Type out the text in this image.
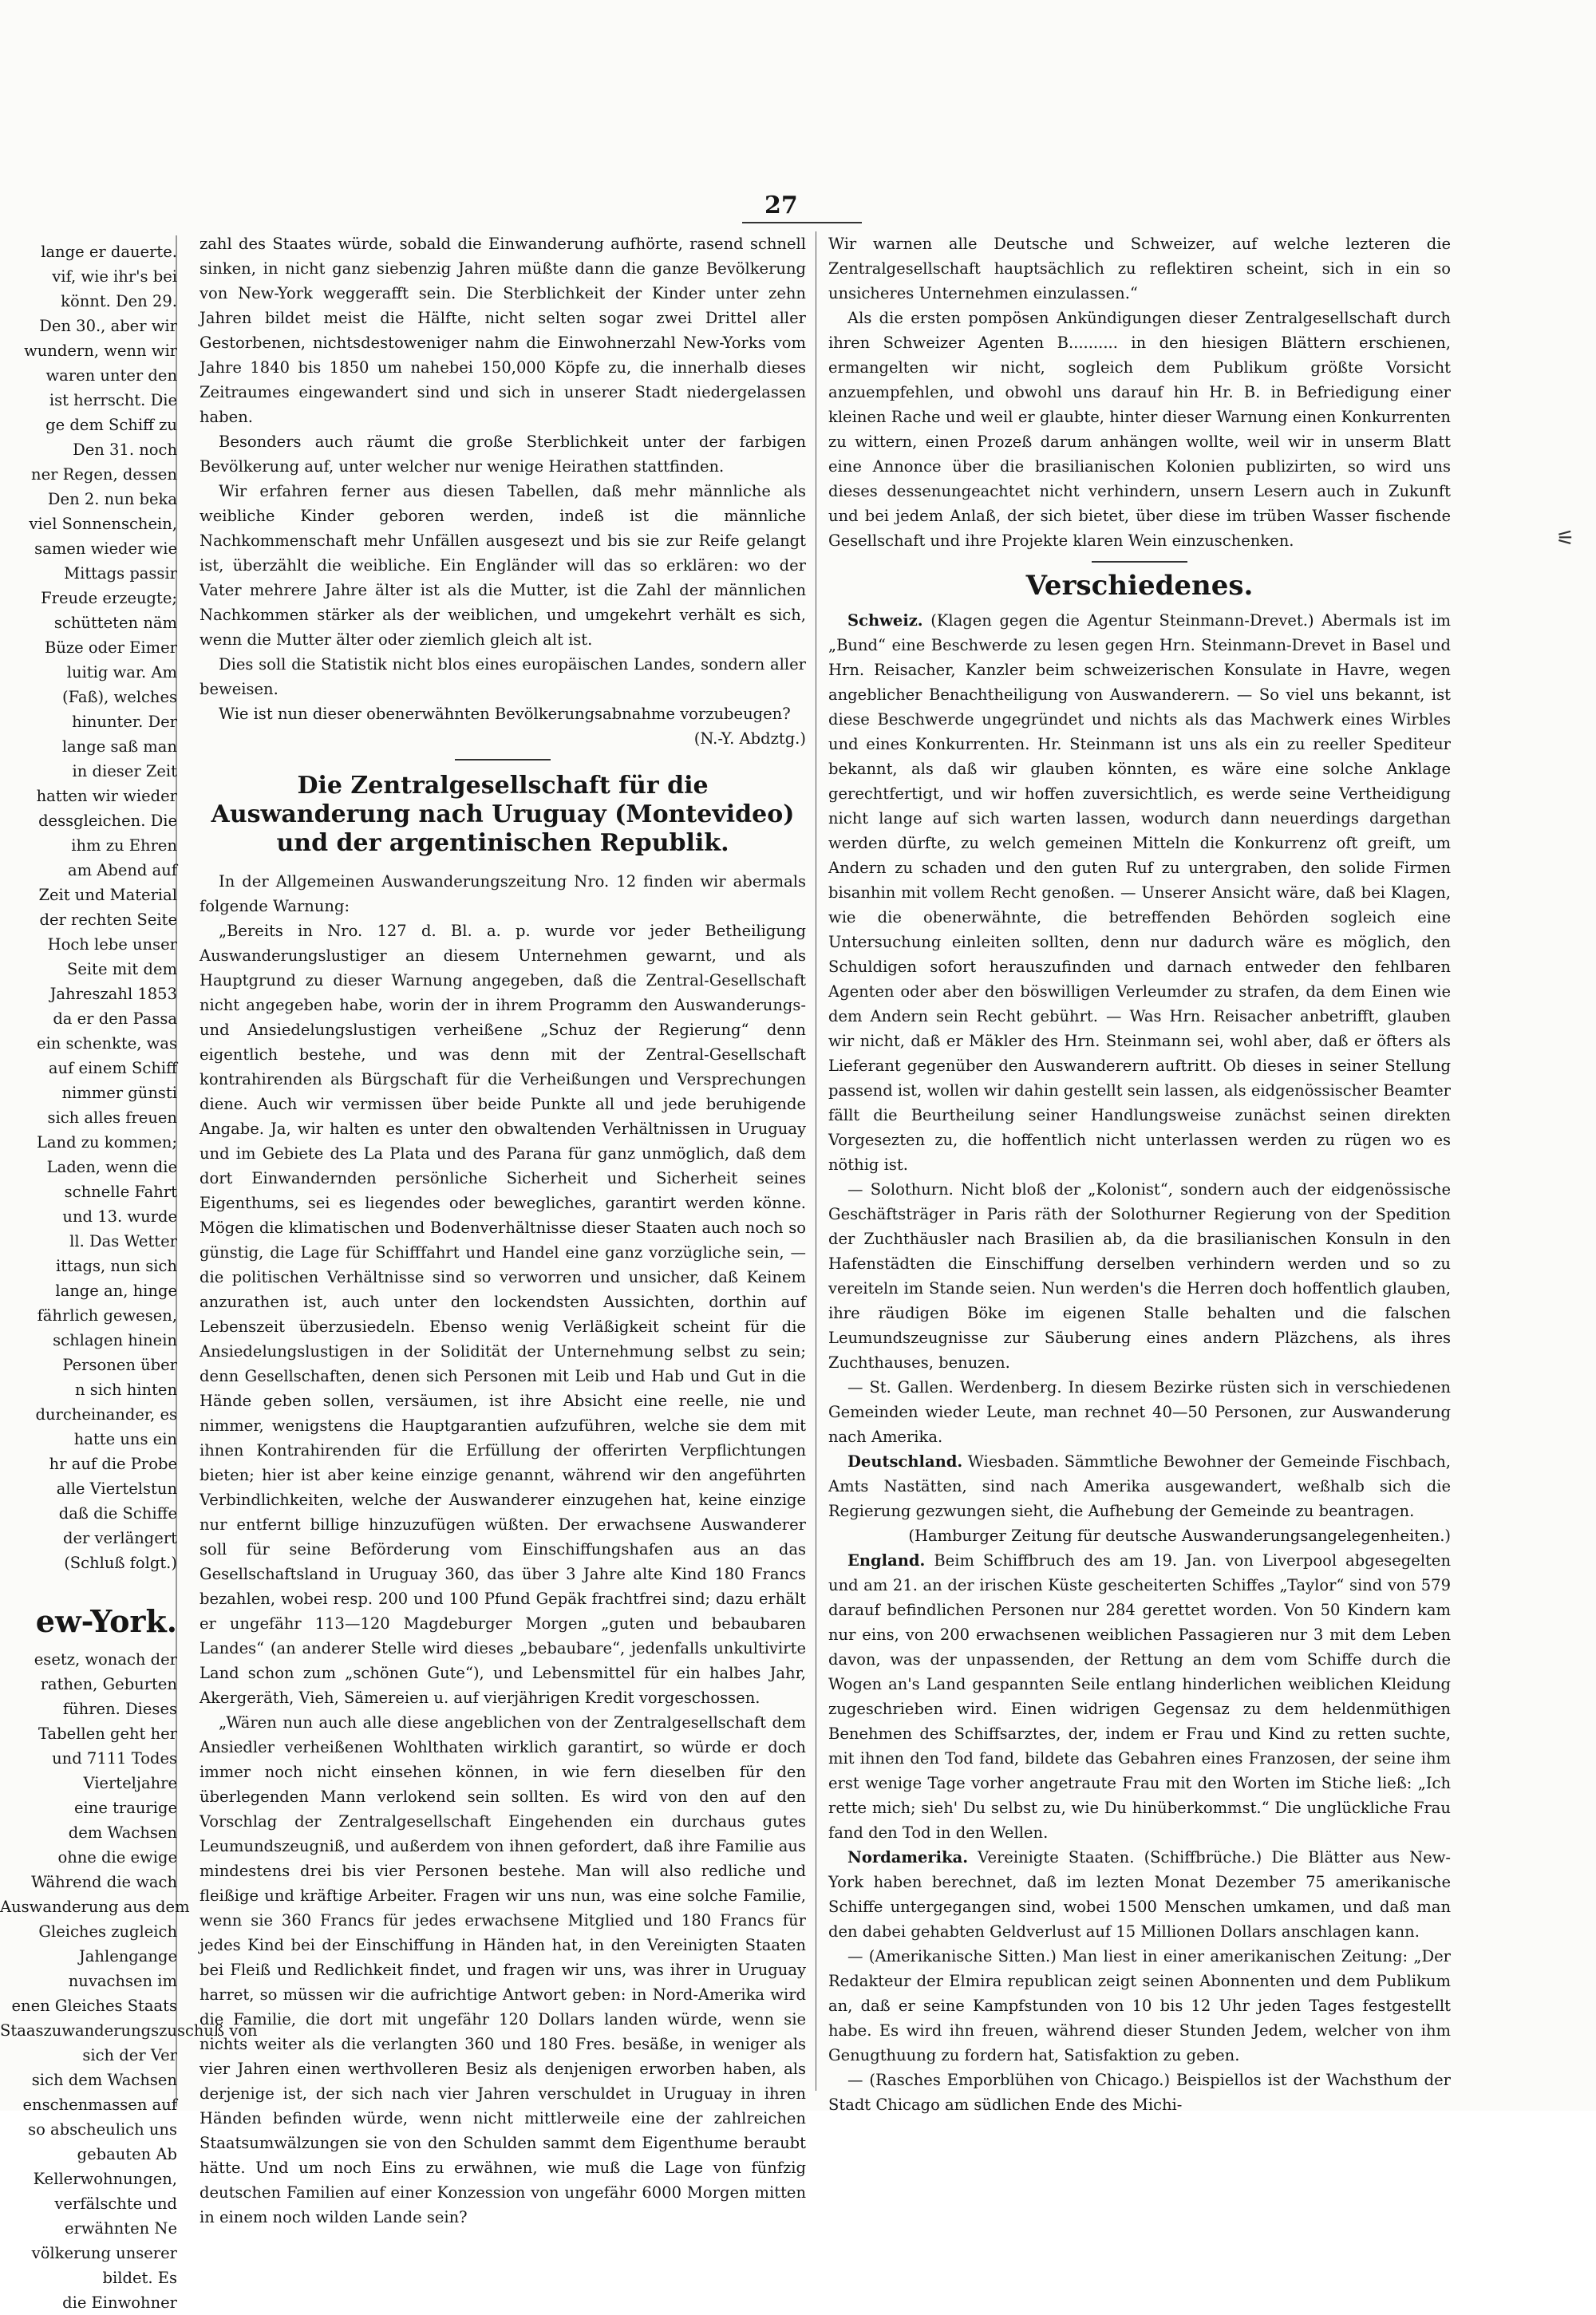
27
⚟
lange er dauerte.
vif, wie ihr's bei
könnt. Den 29.
Den 30., aber wir
wundern, wenn wir
waren unter den
ist herrscht. Die
ge dem Schiff zu
Den 31. noch
ner Regen, dessen
Den 2. nun beka
viel Sonnenschein,
samen wieder wie
Mittags passir
Freude erzeugte;
schütteten näm
Büze oder Eimer
luitig war. Am
(Faß), welches
hinunter. Der
lange saß man
in dieser Zeit
hatten wir wieder
dessgleichen. Die
ihm zu Ehren
am Abend auf
Zeit und Material
der rechten Seite
Hoch lebe unser
Seite mit dem
Jahreszahl 1853
da er den Passa
ein schenkte, was
auf einem Schiff
nimmer günsti
sich alles freuen
Land zu kommen;
Laden, wenn die
schnelle Fahrt
und 13. wurde
ll. Das Wetter
ittags, nun sich
lange an, hinge
fährlich gewesen,
schlagen hinein
Personen über
n sich hinten
durcheinander, es
hatte uns ein
hr auf die Probe
alle Viertelstun
daß die Schiffe
der verlängert
(Schluß folgt.)
ew-York.
esetz, wonach der
rathen, Geburten
führen. Dieses
Tabellen geht her
und 7111 Todes
Vierteljahre
eine traurige
dem Wachsen
ohne die ewige
Während die wach
Auswanderung aus dem
Gleiches zugleich
Jahlengange
nuvachsen im
enen Gleiches Staats
Staaszuwanderungszuschuß von
sich der Ver
sich dem Wachsen
enschenmassen auf
so abscheulich uns
gebauten Ab
Kellerwohnungen,
verfälschte und
erwähnten Ne
völkerung unserer
bildet. Es
die Einwohner

zahl des Staates würde, sobald die Einwanderung aufhörte, rasend schnell sinken, in nicht ganz siebenzig Jahren müßte dann die ganze Bevölkerung von New-York weggerafft sein. Die Sterblichkeit der Kinder unter zehn Jahren bildet meist die Hälfte, nicht selten sogar zwei Drittel aller Gestorbenen, nichtsdestoweniger nahm die Einwohnerzahl New-Yorks vom Jahre 1840 bis 1850 um nahebei 150,000 Köpfe zu, die innerhalb dieses Zeitraumes eingewandert sind und sich in unserer Stadt niedergelassen haben.

Besonders auch räumt die große Sterblichkeit unter der farbigen Bevölkerung auf, unter welcher nur wenige Heirathen stattfinden.

Wir erfahren ferner aus diesen Tabellen, daß mehr männliche als weibliche Kinder geboren werden, indeß ist die männliche Nachkommenschaft mehr Unfällen ausgesezt und bis sie zur Reife gelangt ist, überzählt die weibliche. Ein Engländer will das so erklären: wo der Vater mehrere Jahre älter ist als die Mutter, ist die Zahl der männlichen Nachkommen stärker als der weiblichen, und umgekehrt verhält es sich, wenn die Mutter älter oder ziemlich gleich alt ist.

Dies soll die Statistik nicht blos eines europäischen Landes, sondern aller beweisen.

Wie ist nun dieser obenerwähnten Bevölkerungsabnahme vorzubeugen?

(N.-Y. Abdztg.)

Die Zentralgesellschaft für die Auswanderung nach Uruguay (Montevideo) und der argentinischen Republik.

In der Allgemeinen Auswanderungszeitung Nro. 12 finden wir abermals folgende Warnung:

„Bereits in Nro. 127 d. Bl. a. p. wurde vor jeder Betheiligung Auswanderungslustiger an diesem Unternehmen gewarnt, und als Hauptgrund zu dieser Warnung angegeben, daß die Zentral-Gesellschaft nicht angegeben habe, worin der in ihrem Programm den Auswanderungs- und Ansiedelungslustigen verheißene „Schuz der Regierung“ denn eigentlich bestehe, und was denn mit der Zentral-Gesellschaft kontrahirenden als Bürgschaft für die Verheißungen und Versprechungen diene. Auch wir vermissen über beide Punkte all und jede beruhigende Angabe. Ja, wir halten es unter den obwaltenden Verhältnissen in Uruguay und im Gebiete des La Plata und des Parana für ganz unmöglich, daß dem dort Einwandernden persönliche Sicherheit und Sicherheit seines Eigenthums, sei es liegendes oder bewegliches, garantirt werden könne. Mögen die klimatischen und Bodenverhältnisse dieser Staaten auch noch so günstig, die Lage für Schifffahrt und Handel eine ganz vorzügliche sein, — die politischen Verhältnisse sind so verworren und unsicher, daß Keinem anzurathen ist, auch unter den lockendsten Aussichten, dorthin auf Lebenszeit überzusiedeln. Ebenso wenig Verläßigkeit scheint für die Ansiedelungslustigen in der Solidität der Unternehmung selbst zu sein; denn Gesellschaften, denen sich Personen mit Leib und Hab und Gut in die Hände geben sollen, versäumen, ist ihre Absicht eine reelle, nie und nimmer, wenigstens die Hauptgarantien aufzuführen, welche sie dem mit ihnen Kontrahirenden für die Erfüllung der offerirten Verpflichtungen bieten; hier ist aber keine einzige genannt, während wir den angeführten Verbindlichkeiten, welche der Auswanderer einzugehen hat, keine einzige nur entfernt billige hinzuzufügen wüßten. Der erwachsene Auswanderer soll für seine Beförderung vom Einschiffungshafen aus an das Gesellschaftsland in Uruguay 360, das über 3 Jahre alte Kind 180 Francs bezahlen, wobei resp. 200 und 100 Pfund Gepäk frachtfrei sind; dazu erhält er ungefähr 113—120 Magdeburger Morgen „guten und bebaubaren Landes“ (an anderer Stelle wird dieses „bebaubare“, jedenfalls unkultivirte Land schon zum „schönen Gute“), und Lebensmittel für ein halbes Jahr, Akergeräth, Vieh, Sämereien u. auf vierjährigen Kredit vorgeschossen.

„Wären nun auch alle diese angeblichen von der Zentralgesellschaft dem Ansiedler verheißenen Wohlthaten wirklich garantirt, so würde er doch immer noch nicht einsehen können, in wie fern dieselben für den überlegenden Mann verlokend sein sollten. Es wird von den auf den Vorschlag der Zentralgesellschaft Eingehenden ein durchaus gutes Leumundszeugniß, und außerdem von ihnen gefordert, daß ihre Familie aus mindestens drei bis vier Personen bestehe. Man will also redliche und fleißige und kräftige Arbeiter. Fragen wir uns nun, was eine solche Familie, wenn sie 360 Francs für jedes erwachsene Mitglied und 180 Francs für jedes Kind bei der Einschiffung in Händen hat, in den Vereinigten Staaten bei Fleiß und Redlichkeit findet, und fragen wir uns, was ihrer in Uruguay harret, so müssen wir die aufrichtige Antwort geben: in Nord-Amerika wird die Familie, die dort mit ungefähr 120 Dollars landen würde, wenn sie nichts weiter als die verlangten 360 und 180 Fres. besäße, in weniger als vier Jahren einen werthvolleren Besiz als denjenigen erworben haben, als derjenige ist, der sich nach vier Jahren verschuldet in Uruguay in ihren Händen befinden würde, wenn nicht mittlerweile eine der zahlreichen Staatsumwälzungen sie von den Schulden sammt dem Eigenthume beraubt hätte. Und um noch Eins zu erwähnen, wie muß die Lage von fünfzig deutschen Familien auf einer Konzession von ungefähr 6000 Morgen mitten in einem noch wilden Lande sein?

Wir warnen alle Deutsche und Schweizer, auf welche lezteren die Zentralgesellschaft hauptsächlich zu reflektiren scheint, sich in ein so unsicheres Unternehmen einzulassen.“

Als die ersten pompösen Ankündigungen dieser Zentralgesellschaft durch ihren Schweizer Agenten B.......... in den hiesigen Blättern erschienen, ermangelten wir nicht, sogleich dem Publikum größte Vorsicht anzuempfehlen, und obwohl uns darauf hin Hr. B. in Befriedigung einer kleinen Rache und weil er glaubte, hinter dieser Warnung einen Konkurrenten zu wittern, einen Prozeß darum anhängen wollte, weil wir in unserm Blatt eine Annonce über die brasilianischen Kolonien publizirten, so wird uns dieses dessenungeachtet nicht verhindern, unsern Lesern auch in Zukunft und bei jedem Anlaß, der sich bietet, über diese im trüben Wasser fischende Gesellschaft und ihre Projekte klaren Wein einzuschenken.

Verschiedenes.

Schweiz. (Klagen gegen die Agentur Steinmann-Drevet.) Abermals ist im „Bund“ eine Beschwerde zu lesen gegen Hrn. Steinmann-Drevet in Basel und Hrn. Reisacher, Kanzler beim schweizerischen Konsulate in Havre, wegen angeblicher Benachtheiligung von Auswanderern. — So viel uns bekannt, ist diese Beschwerde ungegründet und nichts als das Machwerk eines Wirbles und eines Konkurrenten. Hr. Steinmann ist uns als ein zu reeller Spediteur bekannt, als daß wir glauben könnten, es wäre eine solche Anklage gerechtfertigt, und wir hoffen zuversichtlich, es werde seine Vertheidigung nicht lange auf sich warten lassen, wodurch dann neuerdings dargethan werden dürfte, zu welch gemeinen Mitteln die Konkurrenz oft greift, um Andern zu schaden und den guten Ruf zu untergraben, den solide Firmen bisanhin mit vollem Recht genoßen. — Unserer Ansicht wäre, daß bei Klagen, wie die obenerwähnte, die betreffenden Behörden sogleich eine Untersuchung einleiten sollten, denn nur dadurch wäre es möglich, den Schuldigen sofort herauszufinden und darnach entweder den fehlbaren Agenten oder aber den böswilligen Verleumder zu strafen, da dem Einen wie dem Andern sein Recht gebührt. — Was Hrn. Reisacher anbetrifft, glauben wir nicht, daß er Mäkler des Hrn. Steinmann sei, wohl aber, daß er öfters als Lieferant gegenüber den Auswanderern auftritt. Ob dieses in seiner Stellung passend ist, wollen wir dahin gestellt sein lassen, als eidgenössischer Beamter fällt die Beurtheilung seiner Handlungsweise zunächst seinen direkten Vorgesezten zu, die hoffentlich nicht unterlassen werden zu rügen wo es nöthig ist.

— Solothurn. Nicht bloß der „Kolonist“, sondern auch der eidgenössische Geschäftsträger in Paris räth der Solothurner Regierung von der Spedition der Zuchthäusler nach Brasilien ab, da die brasilianischen Konsuln in den Hafenstädten die Einschiffung derselben verhindern werden und so zu vereiteln im Stande seien. Nun werden's die Herren doch hoffentlich glauben, ihre räudigen Böke im eigenen Stalle behalten und die falschen Leumundszeugnisse zur Säuberung eines andern Pläzchens, als ihres Zuchthauses, benuzen.

— St. Gallen. Werdenberg. In diesem Bezirke rüsten sich in verschiedenen Gemeinden wieder Leute, man rechnet 40—50 Personen, zur Auswanderung nach Amerika.

Deutschland. Wiesbaden. Sämmtliche Bewohner der Gemeinde Fischbach, Amts Nastätten, sind nach Amerika ausgewandert, weßhalb sich die Regierung gezwungen sieht, die Aufhebung der Gemeinde zu beantragen.

(Hamburger Zeitung für deutsche Auswanderungsangelegenheiten.)

England. Beim Schiffbruch des am 19. Jan. von Liverpool abgesegelten und am 21. an der irischen Küste gescheiterten Schiffes „Taylor“ sind von 579 darauf befindlichen Personen nur 284 gerettet worden. Von 50 Kindern kam nur eins, von 200 erwachsenen weiblichen Passagieren nur 3 mit dem Leben davon, was der unpassenden, der Rettung an dem vom Schiffe durch die Wogen an's Land gespannten Seile entlang hinderlichen weiblichen Kleidung zugeschrieben wird. Einen widrigen Gegensaz zu dem heldenmüthigen Benehmen des Schiffsarztes, der, indem er Frau und Kind zu retten suchte, mit ihnen den Tod fand, bildete das Gebahren eines Franzosen, der seine ihm erst wenige Tage vorher angetraute Frau mit den Worten im Stiche ließ: „Ich rette mich; sieh' Du selbst zu, wie Du hinüberkommst.“ Die unglückliche Frau fand den Tod in den Wellen.

Nordamerika. Vereinigte Staaten. (Schiffbrüche.) Die Blätter aus New-York haben berechnet, daß im lezten Monat Dezember 75 amerikanische Schiffe untergegangen sind, wobei 1500 Menschen umkamen, und daß man den dabei gehabten Geldverlust auf 15 Millionen Dollars anschlagen kann.

— (Amerikanische Sitten.) Man liest in einer amerikanischen Zeitung: „Der Redakteur der Elmira republican zeigt seinen Abonnenten und dem Publikum an, daß er seine Kampfstunden von 10 bis 12 Uhr jeden Tages festgestellt habe. Es wird ihn freuen, während dieser Stunden Jedem, welcher von ihm Genugthuung zu fordern hat, Satisfaktion zu geben.

— (Rasches Emporblühen von Chicago.) Beispiellos ist der Wachsthum der Stadt Chicago am südlichen Ende des Michi-
